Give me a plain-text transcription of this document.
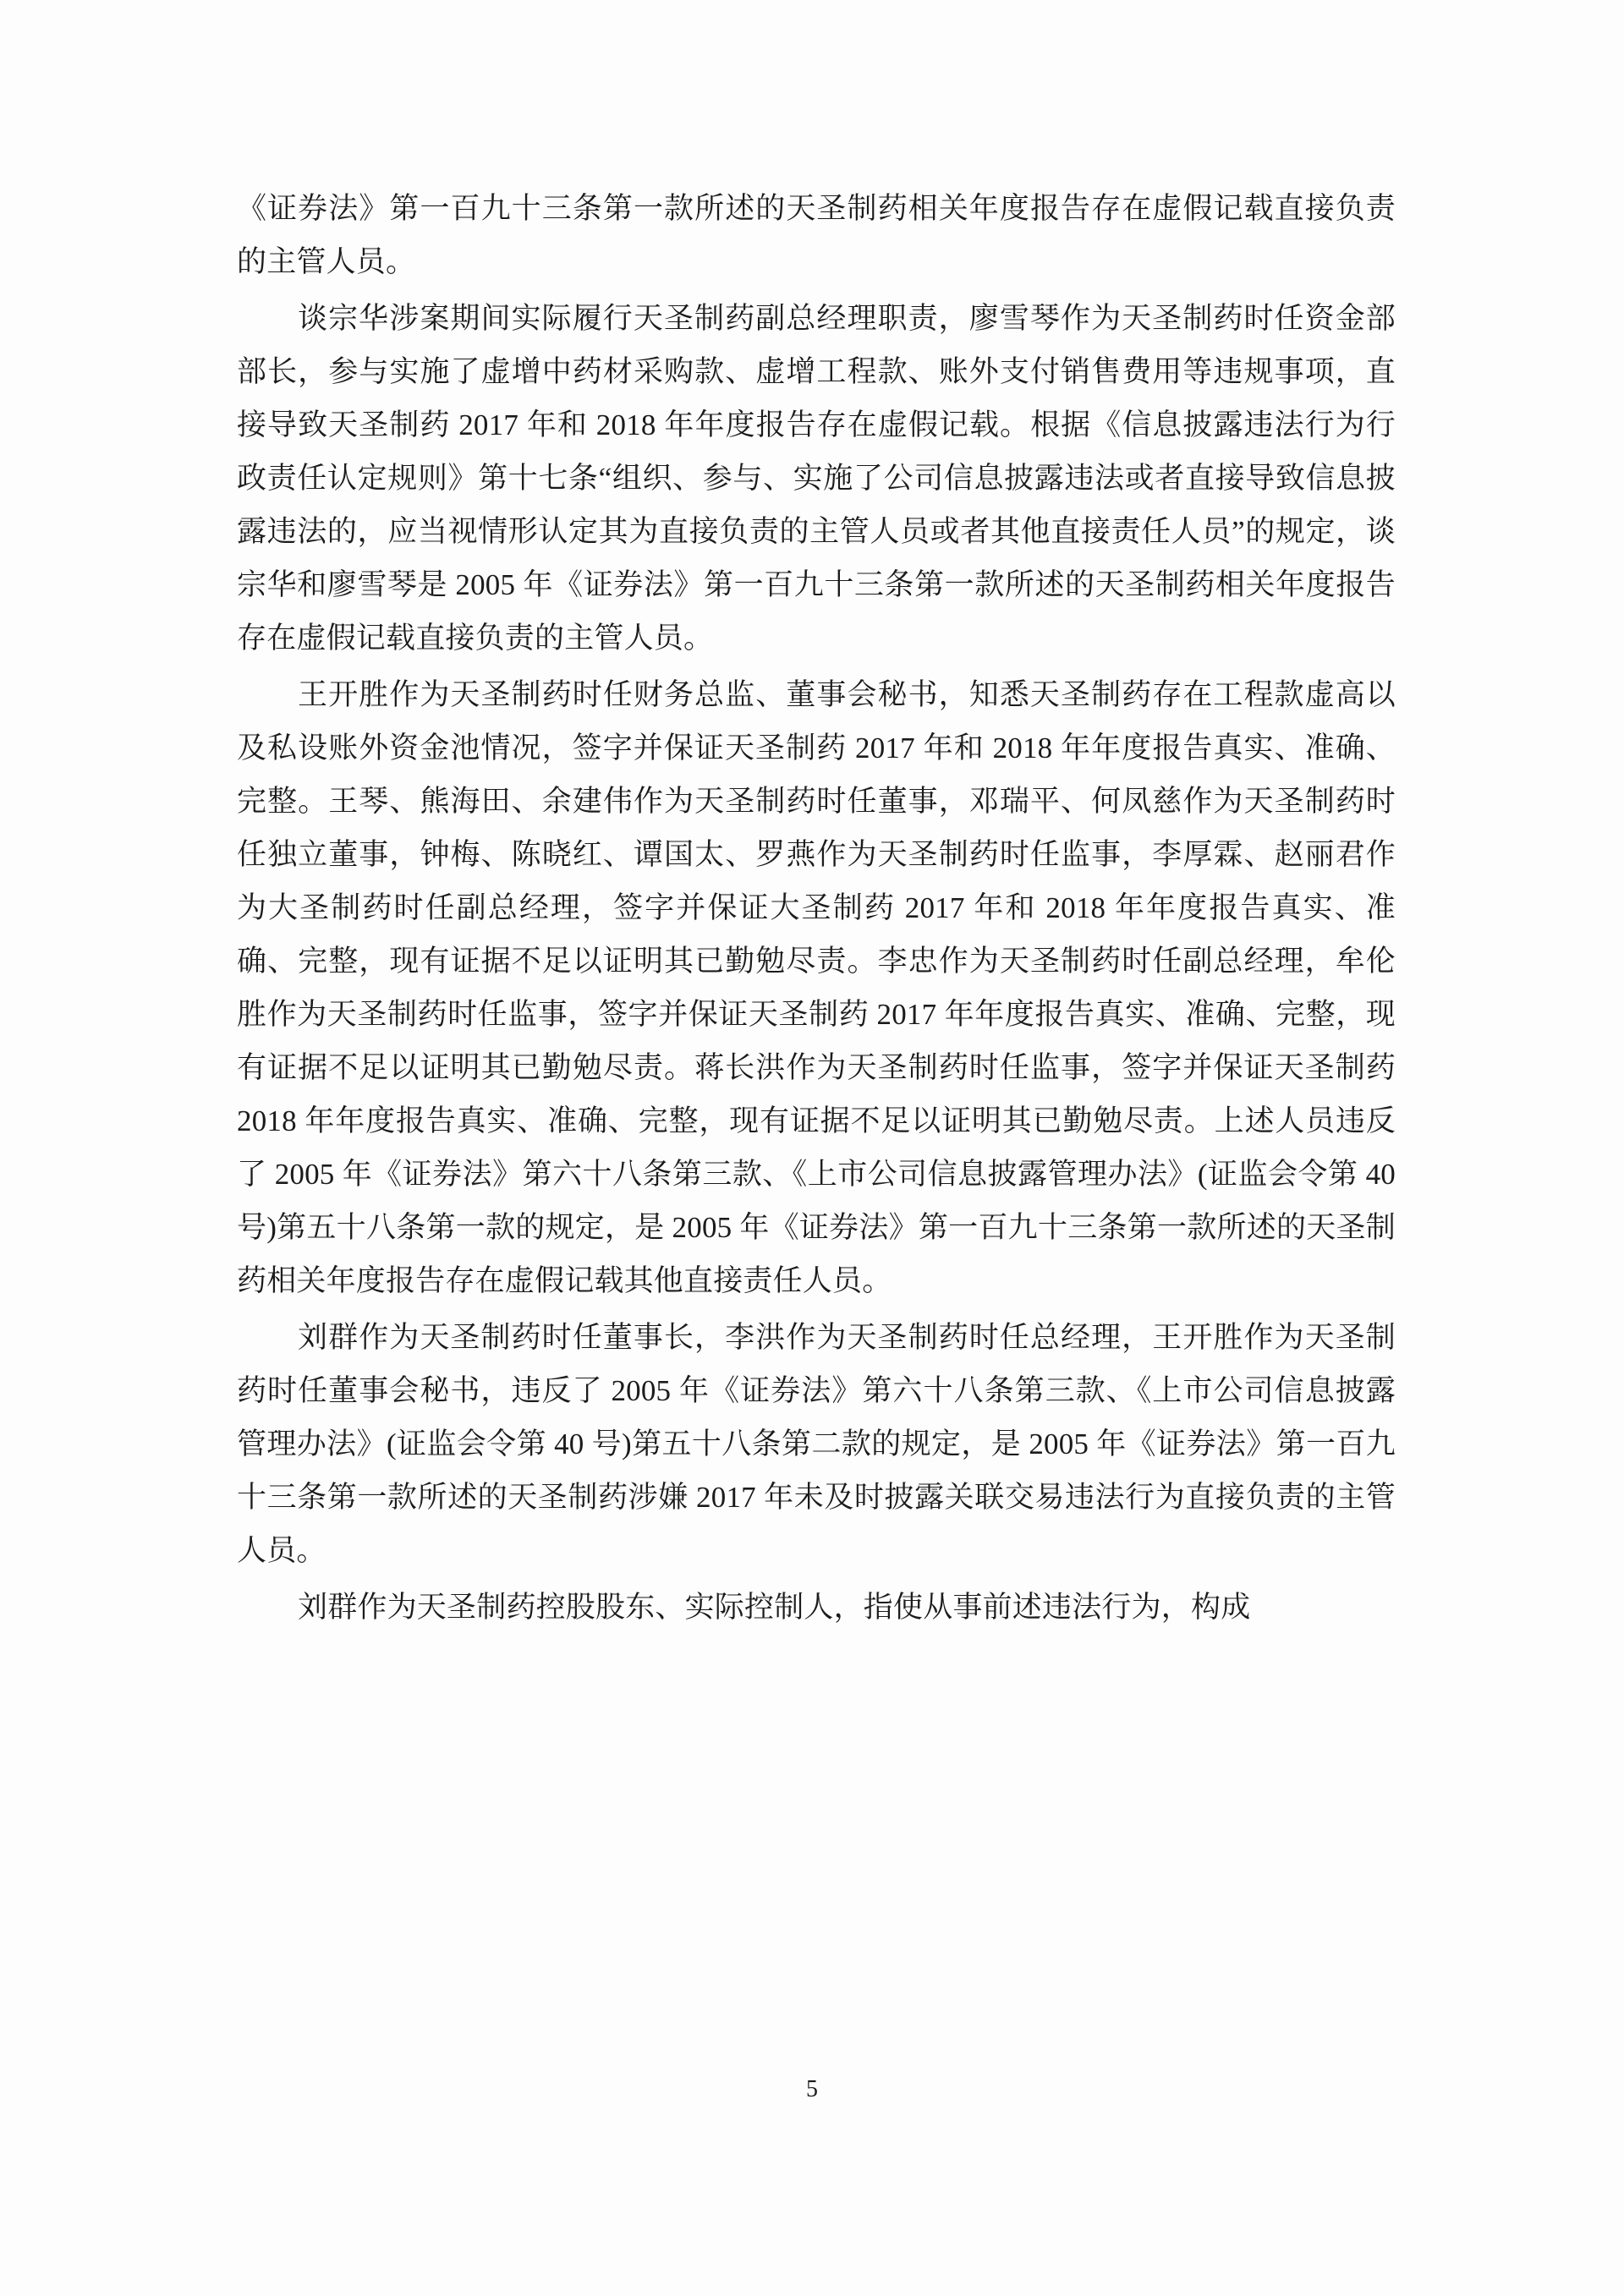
《证券法》第一百九十三条第一款所述的天圣制药相关年度报告存在虚假记载直接负责的主管人员。

谈宗华涉案期间实际履行天圣制药副总经理职责，廖雪琴作为天圣制药时任资金部部长，参与实施了虚增中药材采购款、虚增工程款、账外支付销售费用等违规事项，直接导致天圣制药 2017 年和 2018 年年度报告存在虚假记载。根据《信息披露违法行为行政责任认定规则》第十七条“组织、参与、实施了公司信息披露违法或者直接导致信息披露违法的，应当视情形认定其为直接负责的主管人员或者其他直接责任人员”的规定，谈宗华和廖雪琴是 2005 年《证券法》第一百九十三条第一款所述的天圣制药相关年度报告存在虚假记载直接负责的主管人员。

王开胜作为天圣制药时任财务总监、董事会秘书，知悉天圣制药存在工程款虚高以及私设账外资金池情况，签字并保证天圣制药 2017 年和 2018 年年度报告真实、准确、完整。王琴、熊海田、余建伟作为天圣制药时任董事，邓瑞平、何凤慈作为天圣制药时任独立董事，钟梅、陈晓红、谭国太、罗燕作为天圣制药时任监事，李厚霖、赵丽君作为大圣制药时任副总经理，签字并保证大圣制药 2017 年和 2018 年年度报告真实、准确、完整，现有证据不足以证明其已勤勉尽责。李忠作为天圣制药时任副总经理，牟伦胜作为天圣制药时任监事，签字并保证天圣制药 2017 年年度报告真实、准确、完整，现有证据不足以证明其已勤勉尽责。蒋长洪作为天圣制药时任监事，签字并保证天圣制药 2018 年年度报告真实、准确、完整，现有证据不足以证明其已勤勉尽责。上述人员违反了 2005 年《证券法》第六十八条第三款、《上市公司信息披露管理办法》(证监会令第 40 号)第五十八条第一款的规定，是 2005 年《证券法》第一百九十三条第一款所述的天圣制药相关年度报告存在虚假记载其他直接责任人员。

刘群作为天圣制药时任董事长，李洪作为天圣制药时任总经理，王开胜作为天圣制药时任董事会秘书，违反了 2005 年《证券法》第六十八条第三款、《上市公司信息披露管理办法》(证监会令第 40 号)第五十八条第二款的规定，是 2005 年《证券法》第一百九十三条第一款所述的天圣制药涉嫌 2017 年未及时披露关联交易违法行为直接负责的主管人员。

刘群作为天圣制药控股股东、实际控制人，指使从事前述违法行为，构成

5
